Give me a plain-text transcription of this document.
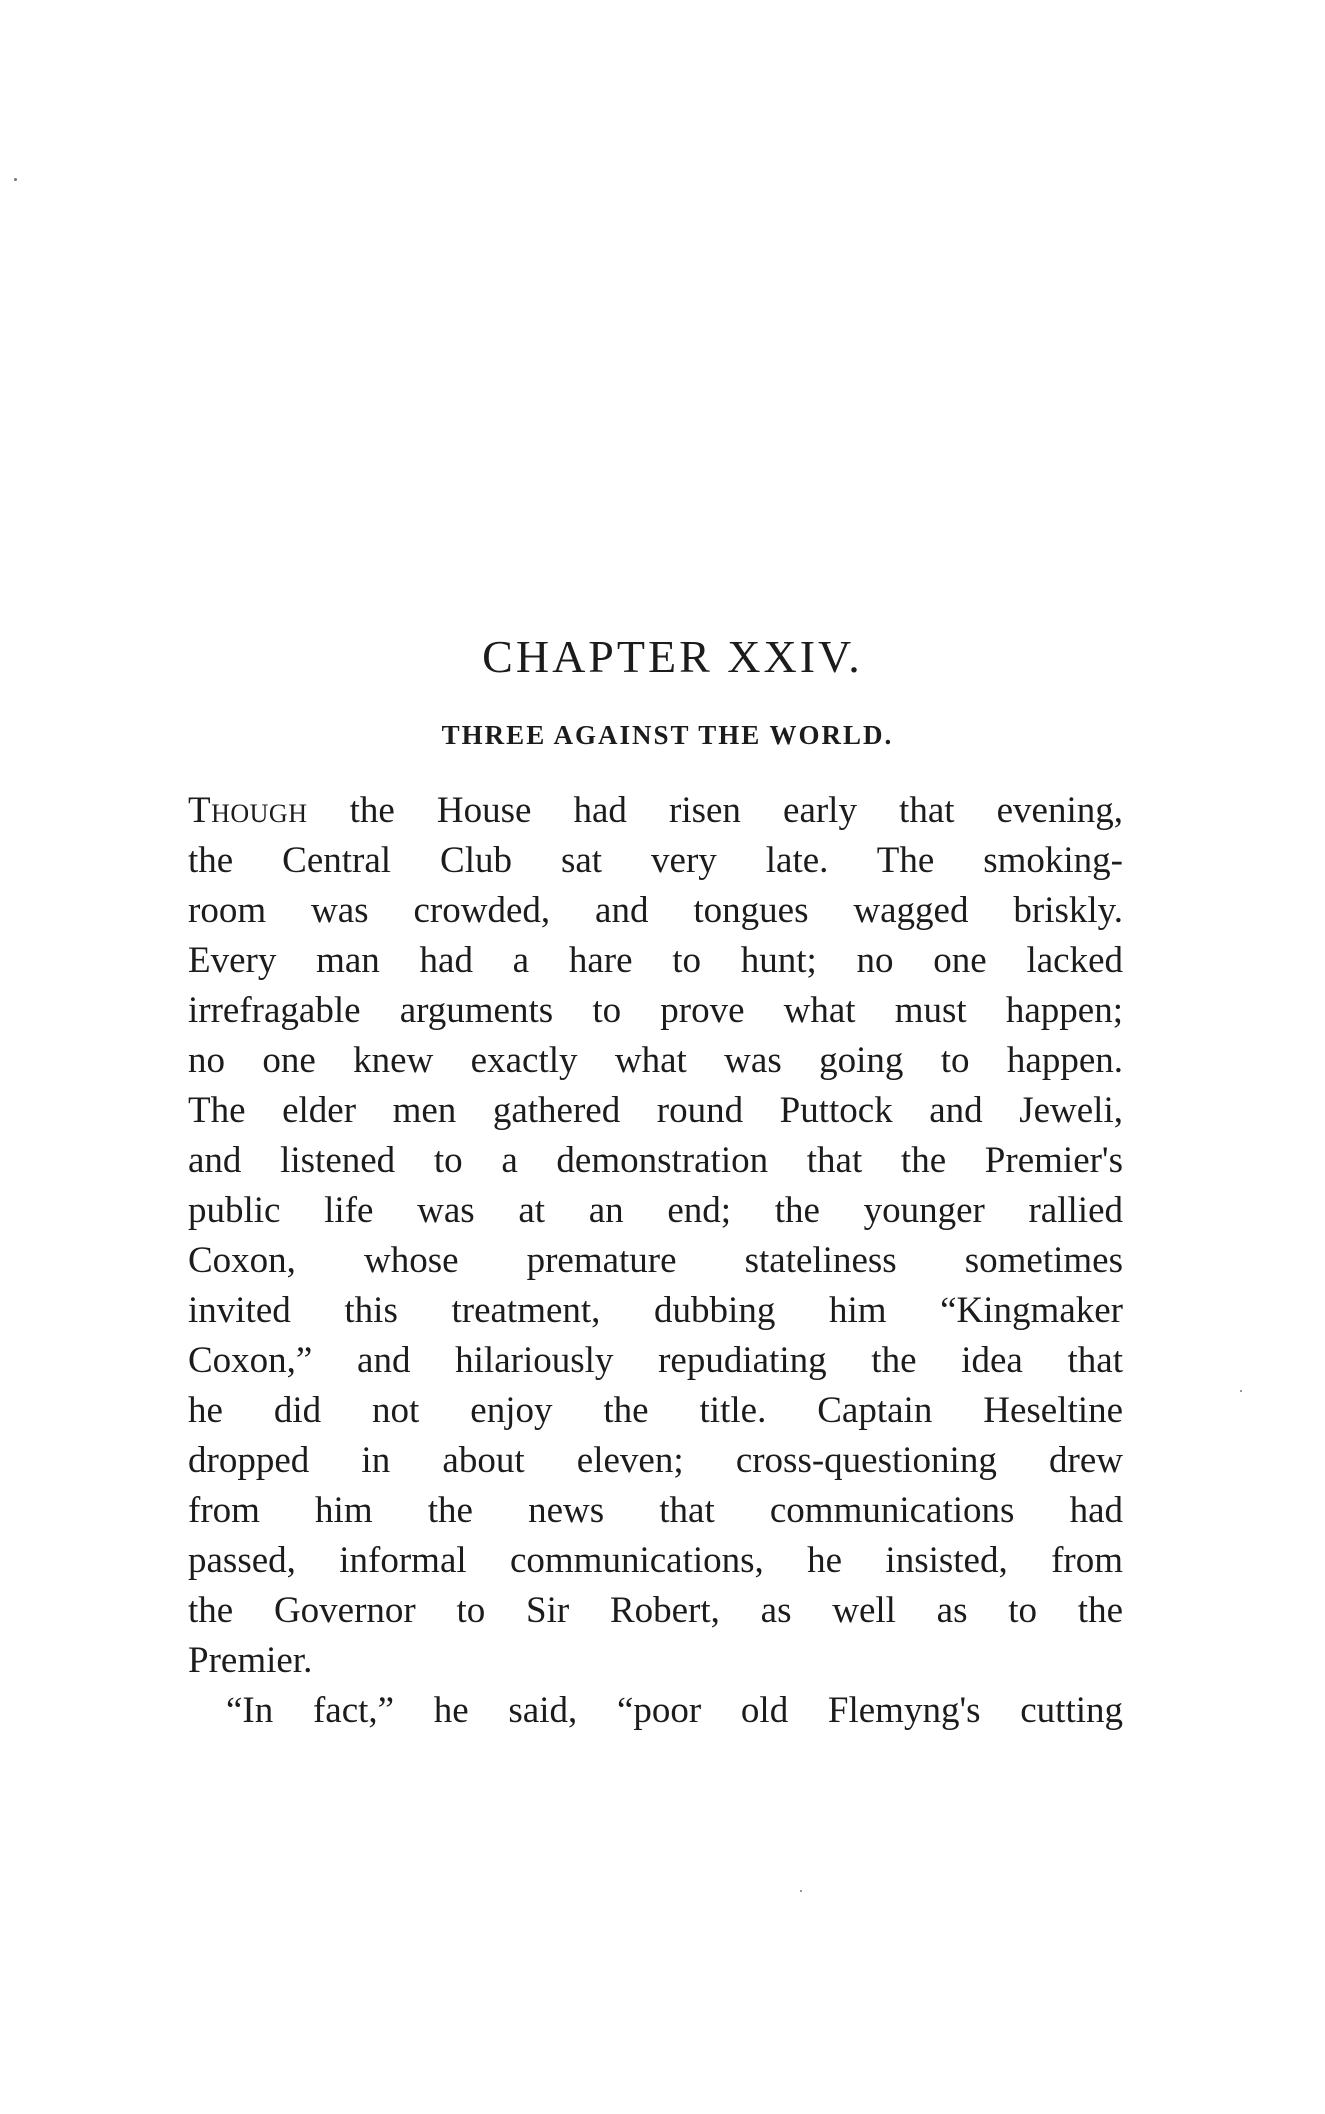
CHAPTER XXIV.
THREE AGAINST THE WORLD.
Though the House had risen early that evening,
the Central Club sat very late. The smoking-
room was crowded, and tongues wagged briskly.
Every man had a hare to hunt; no one lacked
irrefragable arguments to prove what must happen;
no one knew exactly what was going to happen.
The elder men gathered round Puttock and Jeweli,
and listened to a demonstration that the Premier's
public life was at an end; the younger rallied
Coxon, whose premature stateliness sometimes
invited this treatment, dubbing him “Kingmaker
Coxon,” and hilariously repudiating the idea that
he did not enjoy the title. Captain Heseltine
dropped in about eleven; cross-questioning drew
from him the news that communications had
passed, informal communications, he insisted, from
the Governor to Sir Robert, as well as to the
Premier.
“In fact,” he said, “poor old Flemyng's cutting
